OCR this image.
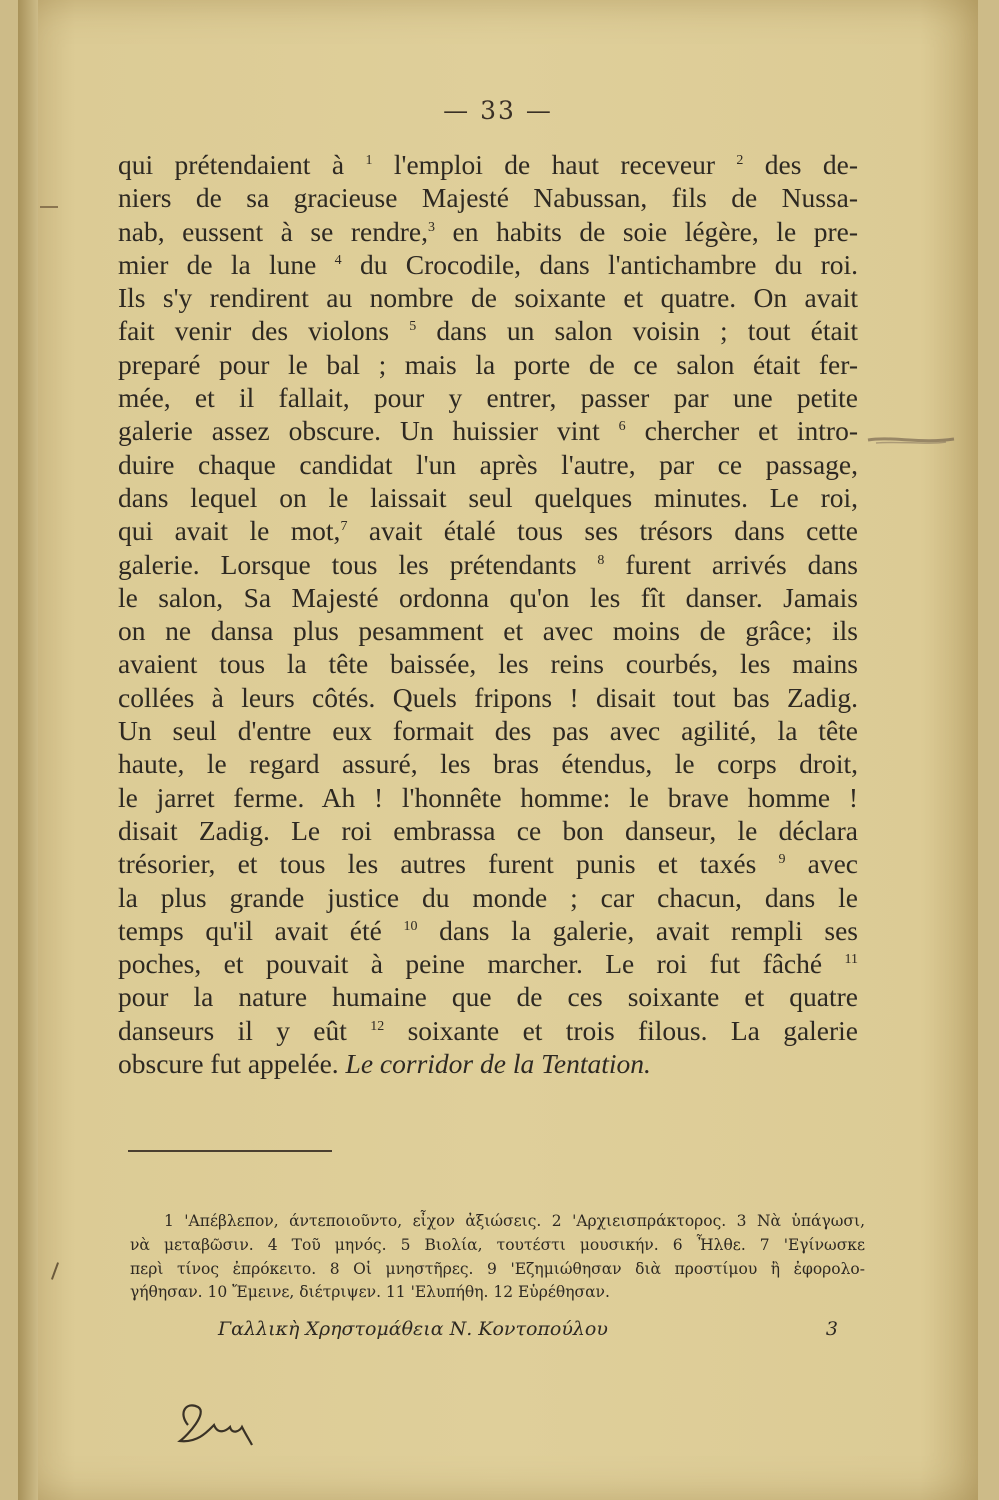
— 33 —
qui prétendaient à $^1$ l'emploi de haut receveur $^2$ des de-
niers de sa gracieuse Majesté Nabussan, fils de Nussa-
nab, eussent à se rendre,$^3$ en habits de soie légère, le pre-
mier de la lune $^4$ du Crocodile, dans l'antichambre du roi.
Ils s'y rendirent au nombre de soixante et quatre. On avait
fait venir des violons $^5$ dans un salon voisin ; tout était
preparé pour le bal ; mais la porte de ce salon était fer-
mée, et il fallait, pour y entrer, passer par une petite
galerie assez obscure. Un huissier vint $^6$ chercher et intro-
duire chaque candidat l'un après l'autre, par ce passage,
dans lequel on le laissait seul quelques minutes. Le roi,
qui avait le mot,$^7$ avait étalé tous ses trésors dans cette
galerie. Lorsque tous les prétendants $^8$ furent arrivés dans
le salon, Sa Majesté ordonna qu'on les fît danser. Jamais
on ne dansa plus pesamment et avec moins de grâce; ils
avaient tous la tête baissée, les reins courbés, les mains
collées à leurs côtés. Quels fripons ! disait tout bas Zadig.
Un seul d'entre eux formait des pas avec agilité, la tête
haute, le regard assuré, les bras étendus, le corps droit,
le jarret ferme. Ah ! l'honnête homme: le brave homme !
disait Zadig. Le roi embrassa ce bon danseur, le déclara
trésorier, et tous les autres furent punis et taxés $^9$ avec
la plus grande justice du monde ; car chacun, dans le
temps qu'il avait été $^{10}$ dans la galerie, avait rempli ses
poches, et pouvait à peine marcher. Le roi fut fâché $^{11}$
pour la nature humaine que de ces soixante et quatre
danseurs il y eût $^{12}$ soixante et trois filous. La galerie
obscure fut appelée. Le corridor de la Tentation.
1 'Απέβλεπον, άντεποιοῦντο, εἶχον ἀξιώσεις. 2 'Αρχιεισπράκτορος. 3 Νὰ ὑπάγωσι,
νὰ μεταβῶσιν. 4 Τοῦ μηνός. 5 Βιολία, τουτέστι μουσικήν. 6 Ἦλθε. 7 'Εγίνωσκε
περὶ τίνος ἐπρόκειτο. 8 Οἱ μνηστῆρες. 9 'Εζημιώθησαν διὰ προστίμου ἢ ἐφορολο-
γήθησαν. 10 Ἔμεινε, διέτριψεν. 11 'Ελυπήθη. 12 Εὑρέθησαν.
Γαλλικὴ Χρηστομάθεια Ν. Κοντοπούλου	3
